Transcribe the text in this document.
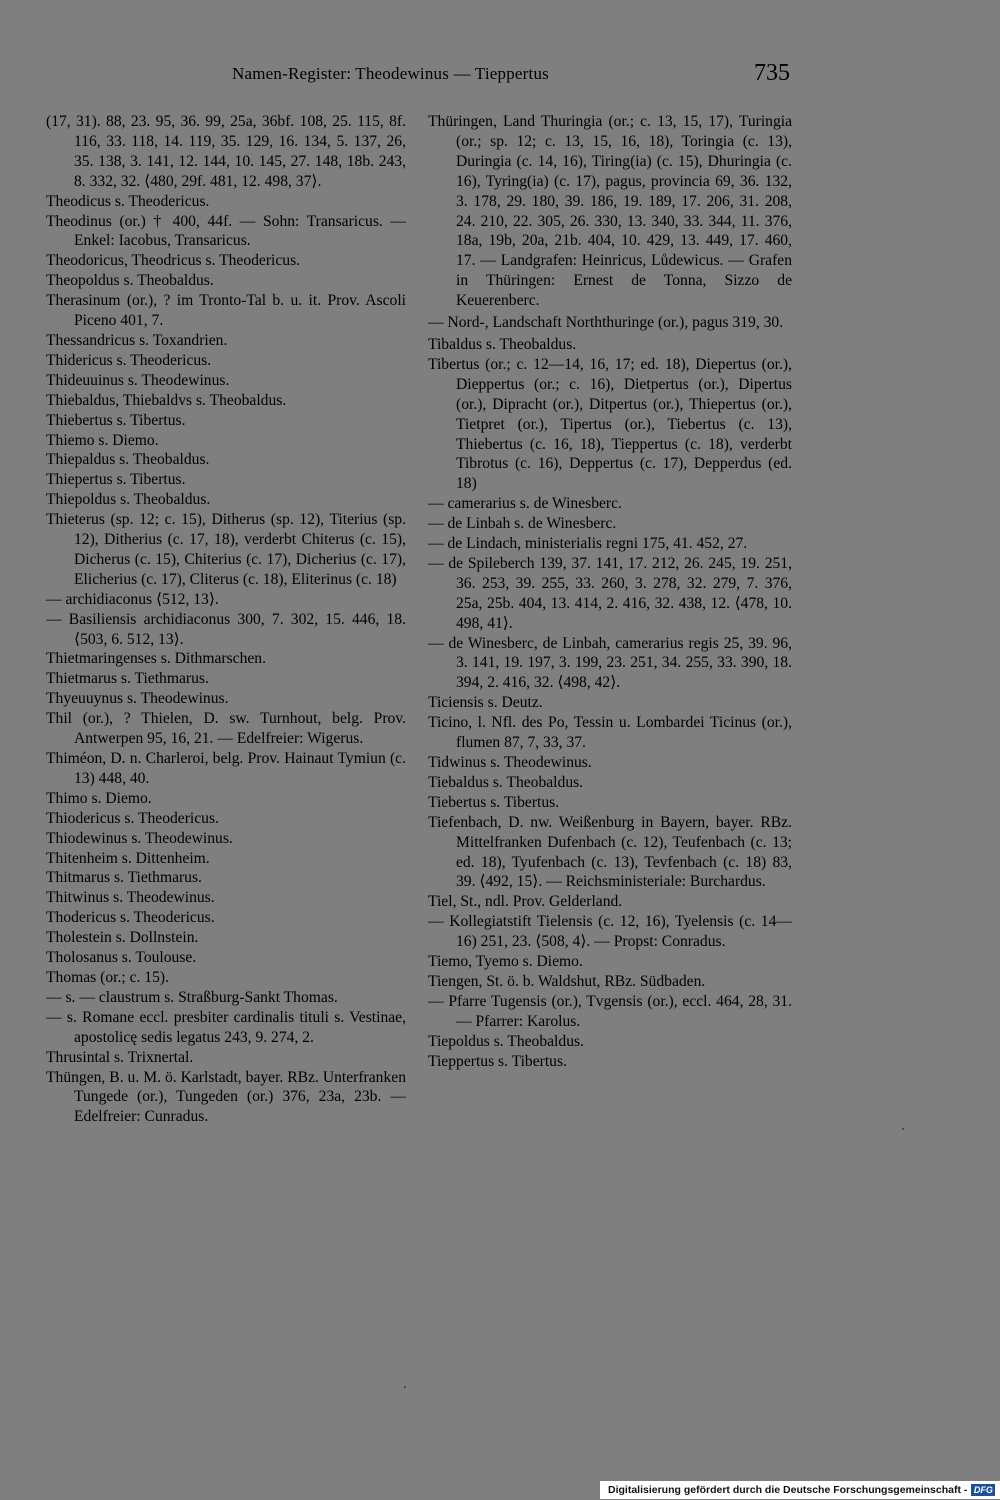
Namen-Register: Theodewinus — Tieppertus	735
(17, 31). 88, 23. 95, 36. 99, 25a, 36bf. 108, 25. 115, 8f. 116, 33. 118, 14. 119, 35. 129, 16. 134, 5. 137, 26, 35. 138, 3. 141, 12. 144, 10. 145, 27. 148, 18b. 243, 8. 332, 32. ⟨480, 29f. 481, 12. 498, 37⟩.
Theodicus s. Theodericus.
Theodinus (or.) † 400, 44f. — Sohn: Transaricus. — Enkel: Iacobus, Transaricus.
Theodoricus, Theodricus s. Theodericus.
Theopoldus s. Theobaldus.
Therasinum (or.), ? im Tronto-Tal b. u. it. Prov. Ascoli Piceno 401, 7.
Thessandricus s. Toxandrien.
Thidericus s. Theodericus.
Thideuuinus s. Theodewinus.
Thiebaldus, Thiebaldvs s. Theobaldus.
Thiebertus s. Tibertus.
Thiemo s. Diemo.
Thiepaldus s. Theobaldus.
Thiepertus s. Tibertus.
Thiepoldus s. Theobaldus.
Thieterus (sp. 12; c. 15), Ditherus (sp. 12), Titerius (sp. 12), Ditherius (c. 17, 18), verderbt Chiterus (c. 15), Dicherus (c. 15), Chiterius (c. 17), Dicherius (c. 17), Elicherius (c. 17), Cliterus (c. 18), Eliterinus (c. 18)
— archidiaconus ⟨512, 13⟩.
— Basiliensis archidiaconus 300, 7. 302, 15. 446, 18. ⟨503, 6. 512, 13⟩.
Thietmaringenses s. Dithmarschen.
Thietmarus s. Tiethmarus.
Thyeuuynus s. Theodewinus.
Thil (or.), ? Thielen, D. sw. Turnhout, belg. Prov. Antwerpen 95, 16, 21. — Edelfreier: Wigerus.
Thiméon, D. n. Charleroi, belg. Prov. Hainaut Tymiun (c. 13) 448, 40.
Thimo s. Diemo.
Thiodericus s. Theodericus.
Thiodewinus s. Theodewinus.
Thitenheim s. Dittenheim.
Thitmarus s. Tiethmarus.
Thitwinus s. Theodewinus.
Thodericus s. Theodericus.
Tholestein s. Dollnstein.
Tholosanus s. Toulouse.
Thomas (or.; c. 15).
— s. — claustrum s. Straßburg-Sankt Thomas.
— s. Romane eccl. presbiter cardinalis tituli s. Vestinae, apostolicę sedis legatus 243, 9. 274, 2.
Thrusintal s. Trixnertal.
Thüngen, B. u. M. ö. Karlstadt, bayer. RBz. Unterfranken Tungede (or.), Tungeden (or.) 376, 23a, 23b. — Edelfreier: Cunradus.
Thüringen, Land Thuringia (or.; c. 13, 15, 17), Turingia (or.; sp. 12; c. 13, 15, 16, 18), Toringia (c. 13), Duringia (c. 14, 16), Tiring(ia) (c. 15), Dhuringia (c. 16), Tyring(ia) (c. 17), pagus, provincia 69, 36. 132, 3. 178, 29. 180, 39. 186, 19. 189, 17. 206, 31. 208, 24. 210, 22. 305, 26. 330, 13. 340, 33. 344, 11. 376, 18a, 19b, 20a, 21b. 404, 10. 429, 13. 449, 17. 460, 17. — Landgrafen: Heinricus, Lůdewicus. — Grafen in Thüringen: Ernest de Tonna, Sizzo de Keuerenberc.
— Nord-, Landschaft Norththuringe (or.), pagus 319, 30.
Tibaldus s. Theobaldus.
Tibertus (or.; c. 12—14, 16, 17; ed. 18), Diepertus (or.), Dieppertus (or.; c. 16), Dietpertus (or.), Dipertus (or.), Dipracht (or.), Ditpertus (or.), Thiepertus (or.), Tietpret (or.), Tipertus (or.), Tiebertus (c. 13), Thiebertus (c. 16, 18), Tieppertus (c. 18), verderbt Tibrotus (c. 16), Deppertus (c. 17), Depperdus (ed. 18)
— camerarius s. de Winesberc.
— de Linbah s. de Winesberc.
— de Lindach, ministerialis regni 175, 41. 452, 27.
— de Spileberch 139, 37. 141, 17. 212, 26. 245, 19. 251, 36. 253, 39. 255, 33. 260, 3. 278, 32. 279, 7. 376, 25a, 25b. 404, 13. 414, 2. 416, 32. 438, 12. ⟨478, 10. 498, 41⟩.
— de Winesberc, de Linbah, camerarius regis 25, 39. 96, 3. 141, 19. 197, 3. 199, 23. 251, 34. 255, 33. 390, 18. 394, 2. 416, 32. ⟨498, 42⟩.
Ticiensis s. Deutz.
Ticino, l. Nfl. des Po, Tessin u. Lombardei Ticinus (or.), flumen 87, 7, 33, 37.
Tidwinus s. Theodewinus.
Tiebaldus s. Theobaldus.
Tiebertus s. Tibertus.
Tiefenbach, D. nw. Weißenburg in Bayern, bayer. RBz. Mittelfranken Dufenbach (c. 12), Teufenbach (c. 13; ed. 18), Tyufenbach (c. 13), Tevfenbach (c. 18) 83, 39. ⟨492, 15⟩. — Reichsministeriale: Burchardus.
Tiel, St., ndl. Prov. Gelderland.
— Kollegiatstift Tielensis (c. 12, 16), Tyelensis (c. 14—16) 251, 23. ⟨508, 4⟩. — Propst: Conradus.
Tiemo, Tyemo s. Diemo.
Tiengen, St. ö. b. Waldshut, RBz. Südbaden.
— Pfarre Tugensis (or.), Tvgensis (or.), eccl. 464, 28, 31. — Pfarrer: Karolus.
Tiepoldus s. Theobaldus.
Tieppertus s. Tibertus.
Digitalisierung gefördert durch die Deutsche Forschungsgemeinschaft - DFG
